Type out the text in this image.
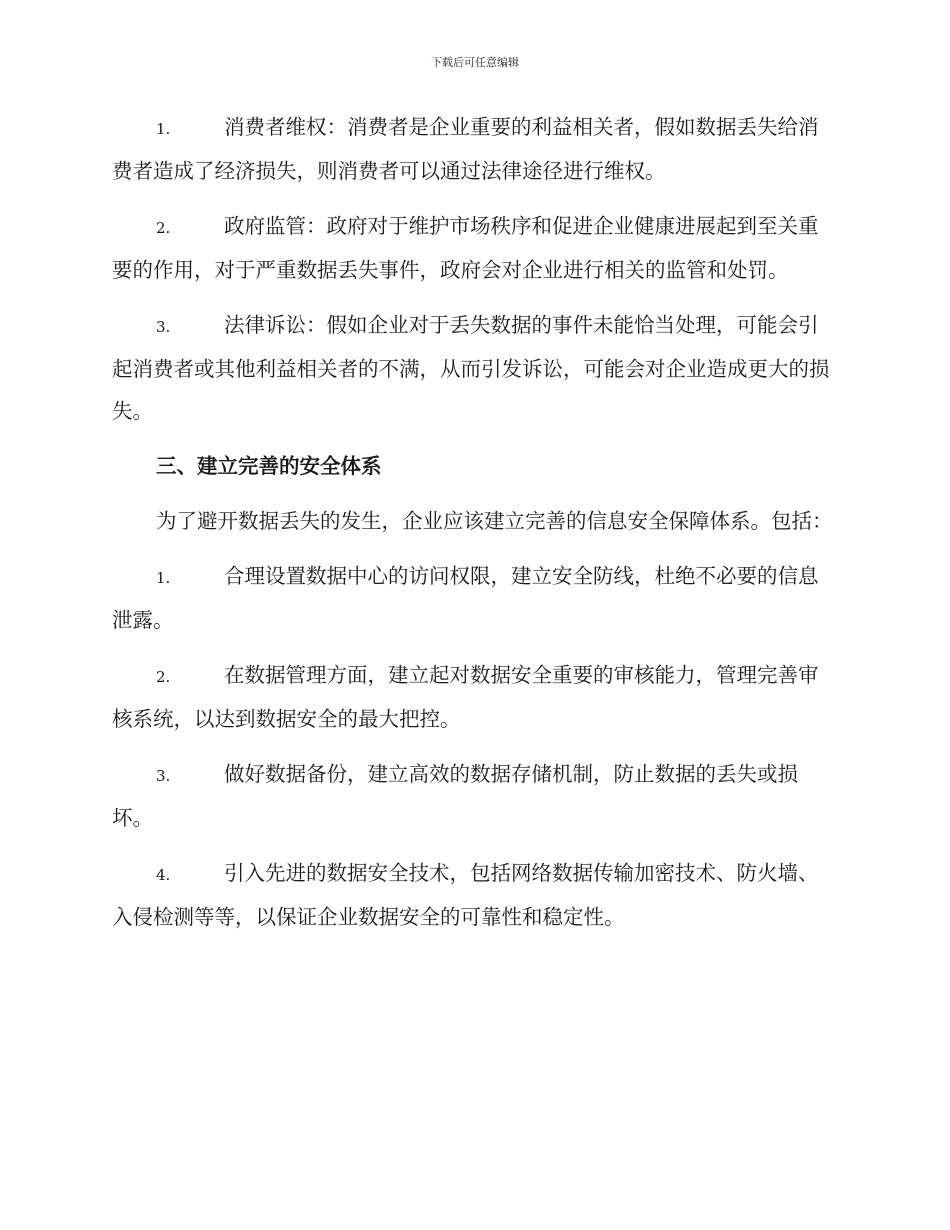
下载后可任意编辑

1.	消费者维权：消费者是企业重要的利益相关者，假如数据丢失给消费者造成了经济损失，则消费者可以通过法律途径进行维权。

2.	政府监管：政府对于维护市场秩序和促进企业健康进展起到至关重要的作用，对于严重数据丢失事件，政府会对企业进行相关的监管和处罚。

3.	法律诉讼：假如企业对于丢失数据的事件未能恰当处理，可能会引起消费者或其他利益相关者的不满，从而引发诉讼，可能会对企业造成更大的损失。

三、建立完善的安全体系

为了避开数据丢失的发生，企业应该建立完善的信息安全保障体系。包括：

1.	合理设置数据中心的访问权限，建立安全防线，杜绝不必要的信息泄露。

2.	在数据管理方面，建立起对数据安全重要的审核能力，管理完善审核系统，以达到数据安全的最大把控。

3.	做好数据备份，建立高效的数据存储机制，防止数据的丢失或损坏。

4.	引入先进的数据安全技术，包括网络数据传输加密技术、防火墙、入侵检测等等，以保证企业数据安全的可靠性和稳定性。
